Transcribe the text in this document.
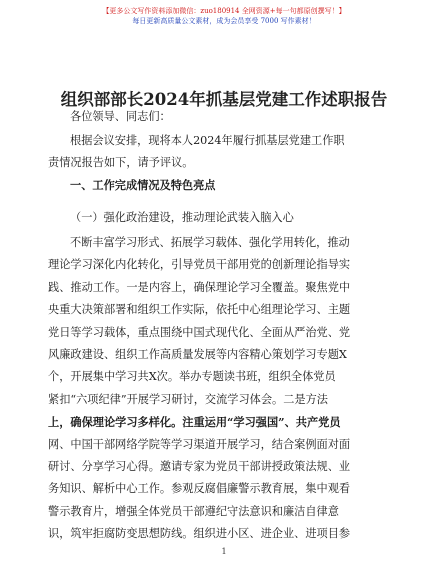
【更多公文写作资料添加微信：zuo180914 全网资源+每一句都原创撰写！】
每日更新高质量公文素材，成为会员享受 7000 写作素材！
组织部部长2024年抓基层党建工作述职报告
各位领导、同志们：
根据会议安排，现将本人2024年履行抓基层党建工作职
责情况报告如下，请予评议。
一、工作完成情况及特色亮点
（一）强化政治建设，推动理论武装入脑入心
不断丰富学习形式、拓展学习载体、强化学用转化，推动
理论学习深化内化转化，引导党员干部用党的创新理论指导实
践、推动工作。一是内容上，确保理论学习全覆盖。聚焦党中
央重大决策部署和组织工作实际，依托中心组理论学习、主题
党日等学习载体，重点围绕中国式现代化、全面从严治党、党
风廉政建设、组织工作高质量发展等内容精心策划学习专题X
个，开展集中学习共X次。举办专题读书班，组织全体党员
紧扣“六项纪律”开展学习研讨，交流学习体会。二是方法
上，确保理论学习多样化。注重运用“学习强国”、共产党员
网、中国干部网络学院等学习渠道开展学习，结合案例面对面
研讨、分享学习心得。邀请专家为党员干部讲授政策法规、业
务知识、解析中心工作。参观反腐倡廉警示教育展，集中观看
警示教育片，增强全体党员干部遵纪守法意识和廉洁自律意
识，筑牢拒腐防变思想防线。组织进小区、进企业、进项目参
1
